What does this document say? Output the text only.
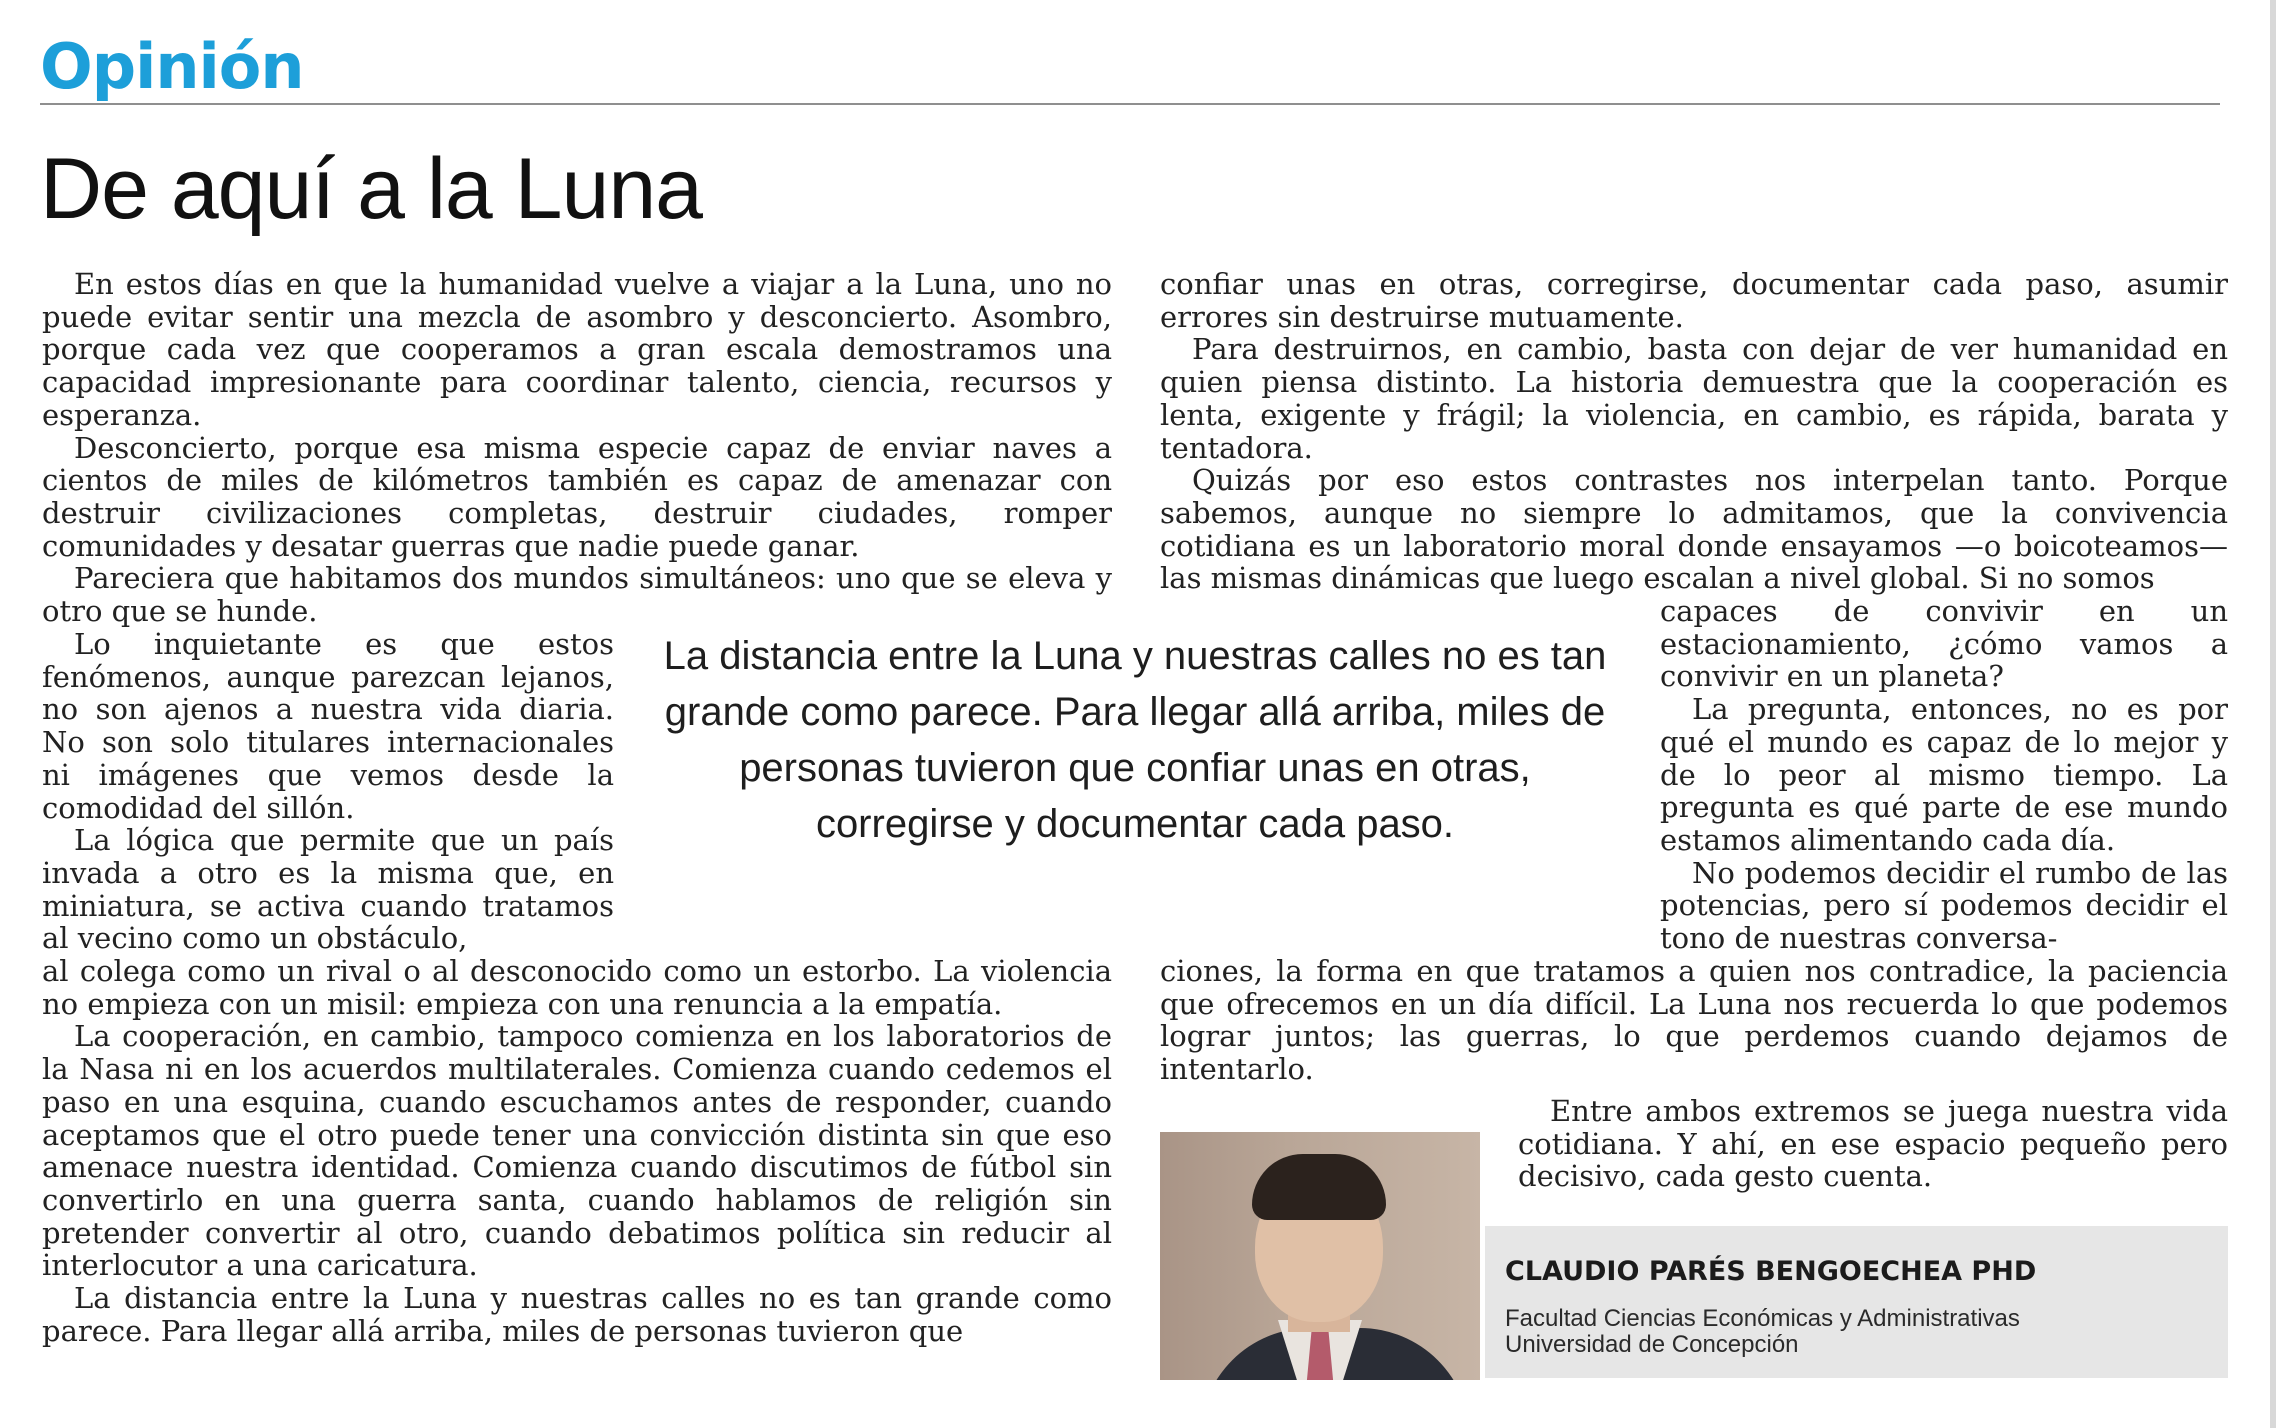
Opinión
De aquí a la Luna

En estos días en que la humanidad vuelve a viajar a la Luna, uno no puede evitar sentir una mezcla de asombro y desconcierto. Asombro, porque cada vez que cooperamos a gran escala demostramos una capacidad impresionante para coordinar talento, ciencia, recursos y esperanza.

Desconcierto, porque esa misma especie capaz de enviar naves a cientos de miles de kilómetros también es capaz de amenazar con destruir civilizaciones completas, destruir ciudades, romper comunidades y desatar guerras que nadie puede ganar.

Pareciera que habitamos dos mundos simultáneos: uno que se eleva y otro que se hunde.

Lo inquietante es que estos fenómenos, aunque parezcan lejanos, no son ajenos a nuestra vida diaria. No son solo titulares internacionales ni imágenes que vemos desde la comodidad del sillón.

La lógica que permite que un país invada a otro es la misma que, en miniatura, se activa cuando tratamos al vecino como un obstáculo,

al colega como un rival o al desconocido como un estorbo. La violencia no empieza con un misil: empieza con una renuncia a la empatía.

La cooperación, en cambio, tampoco comienza en los laboratorios de la Nasa ni en los acuerdos multilaterales. Comienza cuando cedemos el paso en una esquina, cuando escuchamos antes de responder, cuando aceptamos que el otro puede tener una convicción distinta sin que eso amenace nuestra identidad. Comienza cuando discutimos de fútbol sin convertirlo en una guerra santa, cuando hablamos de religión sin pretender convertir al otro, cuando debatimos política sin reducir al interlocutor a una caricatura.

La distancia entre la Luna y nuestras calles no es tan grande como parece. Para llegar allá arriba, miles de personas tuvieron que

La distancia entre la Luna y nuestras calles no es tan grande como parece. Para llegar allá arriba, miles de personas tuvieron que confiar unas en otras, corregirse y documentar cada paso.

confiar unas en otras, corregirse, documentar cada paso, asumir errores sin destruirse mutuamente.

Para destruirnos, en cambio, basta con dejar de ver humanidad en quien piensa distinto. La historia demuestra que la cooperación es lenta, exigente y frágil; la violencia, en cambio, es rápida, barata y tentadora.

Quizás por eso estos contrastes nos interpelan tanto. Porque sabemos, aunque no siempre lo admitamos, que la convivencia cotidiana es un laboratorio moral donde ensayamos —o boicoteamos— las mismas dinámicas que luego escalan a nivel global. Si no somos

capaces de convivir en un estacionamiento, ¿cómo vamos a convivir en un planeta?

La pregunta, entonces, no es por qué el mundo es capaz de lo mejor y de lo peor al mismo tiempo. La pregunta es qué parte de ese mundo estamos alimentando cada día.

No podemos decidir el rumbo de las potencias, pero sí podemos decidir el tono de nuestras conversa-

ciones, la forma en que tratamos a quien nos contradice, la paciencia que ofrecemos en un día difícil. La Luna nos recuerda lo que podemos lograr juntos; las guerras, lo que perdemos cuando dejamos de intentarlo.

Entre ambos extremos se juega nuestra vida cotidiana. Y ahí, en ese espacio pequeño pero decisivo, cada gesto cuenta.

CLAUDIO PARÉS BENGOECHEA PHD

Facultad Ciencias Económicas y Administrativas
Universidad de Concepción
